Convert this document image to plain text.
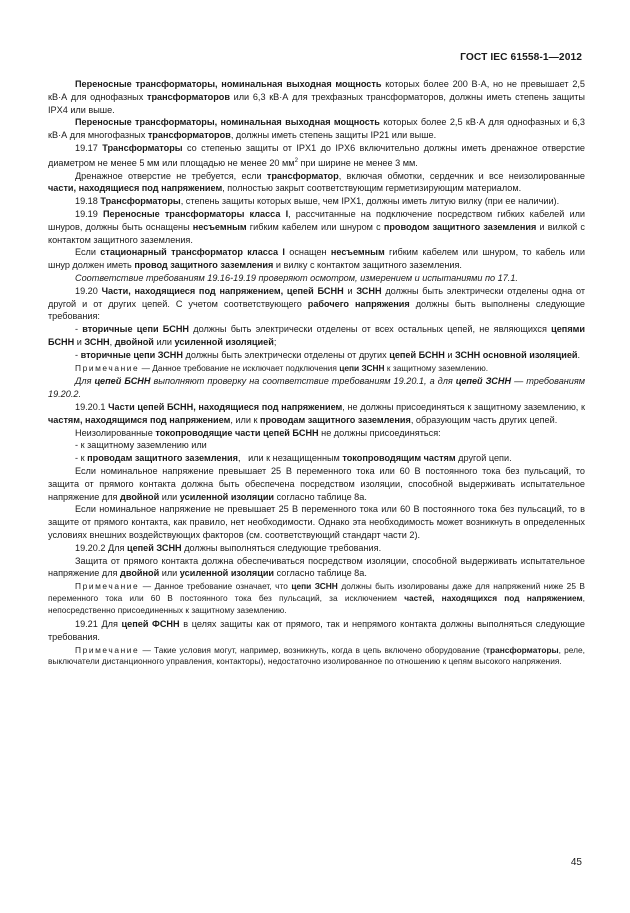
ГОСТ IEC 61558-1—2012

Переносные трансформаторы, номинальная выходная мощность которых более 200 В·А, но не превышает 2,5 кВ·А для однофазных трансформаторов или 6,3 кВ·А для трехфазных трансформаторов, должны иметь степень защиты IPX4 или выше.

Переносные трансформаторы, номинальная выходная мощность которых более 2,5 кВ·А для однофазных и 6,3 кВ·А для многофазных трансформаторов, должны иметь степень защиты IP21 или выше.

19.17 Трансформаторы со степенью защиты от IPX1 до IPX6 включительно должны иметь дренажное отверстие диаметром не менее 5 мм или площадью не менее 20 $мм^2$ при ширине не менее 3 мм.

Дренажное отверстие не требуется, если трансформатор, включая обмотки, сердечник и все неизолированные части, находящиеся под напряжением, полностью закрыт соответствующим герметизирующим материалом.

19.18 Трансформаторы, степень защиты которых выше, чем IPX1, должны иметь литую вилку (при ее наличии).

19.19 Переносные трансформаторы класса I, рассчитанные на подключение посредством гибких кабелей или шнуров, должны быть оснащены несъемным гибким кабелем или шнуром с проводом защитного заземления и вилкой с контактом защитного заземления.

Если стационарный трансформатор класса I оснащен несъемным гибким кабелем или шнуром, то кабель или шнур должен иметь провод защитного заземления и вилку с контактом защитного заземления.

Соответствие требованиям 19.16-19.19 проверяют осмотром, измерением и испытаниями по 17.1.

19.20 Части, находящиеся под напряжением, цепей БСНН и ЗСНН должны быть электрически отделены одна от другой и от других цепей. С учетом соответствующего рабочего напряжения должны быть выполнены следующие требования:

- вторичные цепи БСНН должны быть электрически отделены от всех остальных цепей, не являющихся цепями БСНН и ЗСНН, двойной или усиленной изоляцией;

- вторичные цепи ЗСНН должны быть электрически отделены от других цепей БСНН и ЗСНН основной изоляцией.

Примечание — Данное требование не исключает подключения цепи ЗСНН к защитному заземлению.

Для цепей БСНН выполняют проверку на соответствие требованиям 19.20.1, а для цепей ЗСНН — требованиям 19.20.2.

19.20.1 Части цепей БСНН, находящиеся под напряжением, не должны присоединяться к защитному заземлению, к частям, находящимся под напряжением, или к проводам защитного заземления, образующим часть других цепей.

Неизолированные токопроводящие части цепей БСНН не должны присоединяться:

- к защитному заземлению или

- к проводам защитного заземления,   или к незащищенным токопроводящим частям другой цепи.

Если номинальное напряжение превышает 25 В переменного тока или 60 В постоянного тока без пульсаций, то защита от прямого контакта должна быть обеспечена посредством изоляции, способной выдерживать испытательное напряжение для двойной или усиленной изоляции согласно таблице 8а.

Если номинальное напряжение не превышает 25 В переменного тока или 60 В постоянного тока без пульсаций, то в защите от прямого контакта, как правило, нет необходимости. Однако эта необходимость может возникнуть в определенных условиях внешних воздействующих факторов (см. соответствующий стандарт части 2).

19.20.2 Для цепей ЗСНН должны выполняться следующие требования.

Защита от прямого контакта должна обеспечиваться посредством изоляции, способной выдерживать испытательное напряжение для двойной или усиленной изоляции согласно таблице 8а.

Примечание — Данное требование означает, что цепи ЗСНН должны быть изолированы даже для напряжений ниже 25 В переменного тока или 60 В постоянного тока без пульсаций, за исключением частей, находящихся под напряжением, непосредственно присоединенных к защитному заземлению.

19.21 Для цепей ФСНН в целях защиты как от прямого, так и непрямого контакта должны выполняться следующие требования.

Примечание — Такие условия могут, например, возникнуть, когда в цепь включено оборудование (трансформаторы, реле, выключатели дистанционного управления, контакторы), недостаточно изолированное по отношению к цепям высокого напряжения.

45
